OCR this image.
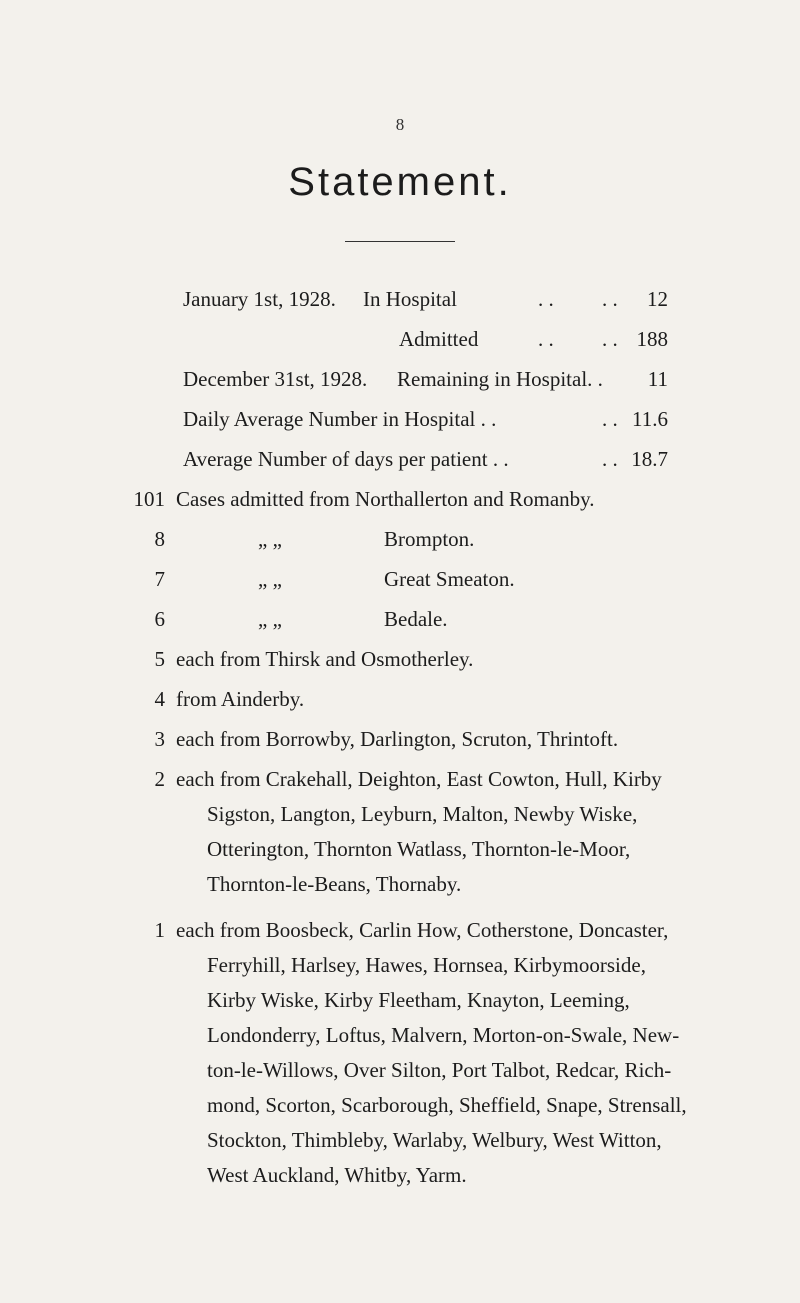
8
Statement.
January 1st, 1928. In Hospital	. . . .	12
Admitted	. . . . 188
December 31st, 1928. Remaining in Hospital. .	11
Daily Average Number in Hospital . .	. . 11.6
Average Number of days per patient . .	. . 18.7
101 Cases admitted from Northallerton and Romanby.
8	„ „	Brompton.
7	„ „	Great Smeaton.
6	„ „	Bedale.
5 each from Thirsk and Osmotherley.
4 from Ainderby.
3 each from Borrowby, Darlington, Scruton, Thrintoft.
2 each from Crakehall, Deighton, East Cowton, Hull, Kirby
Sigston, Langton, Leyburn, Malton, Newby Wiske,
Otterington, Thornton Watlass, Thornton-le-Moor,
Thornton-le-Beans, Thornaby.
1 each from Boosbeck, Carlin How, Cotherstone, Doncaster,
Ferryhill, Harlsey, Hawes, Hornsea, Kirbymoorside,
Kirby Wiske, Kirby Fleetham, Knayton, Leeming,
Londonderry, Loftus, Malvern, Morton-on-Swale, New-
ton-le-Willows, Over Silton, Port Talbot, Redcar, Rich-
mond, Scorton, Scarborough, Sheffield, Snape, Strensall,
Stockton, Thimbleby, Warlaby, Welbury, West Witton,
West Auckland, Whitby, Yarm.
